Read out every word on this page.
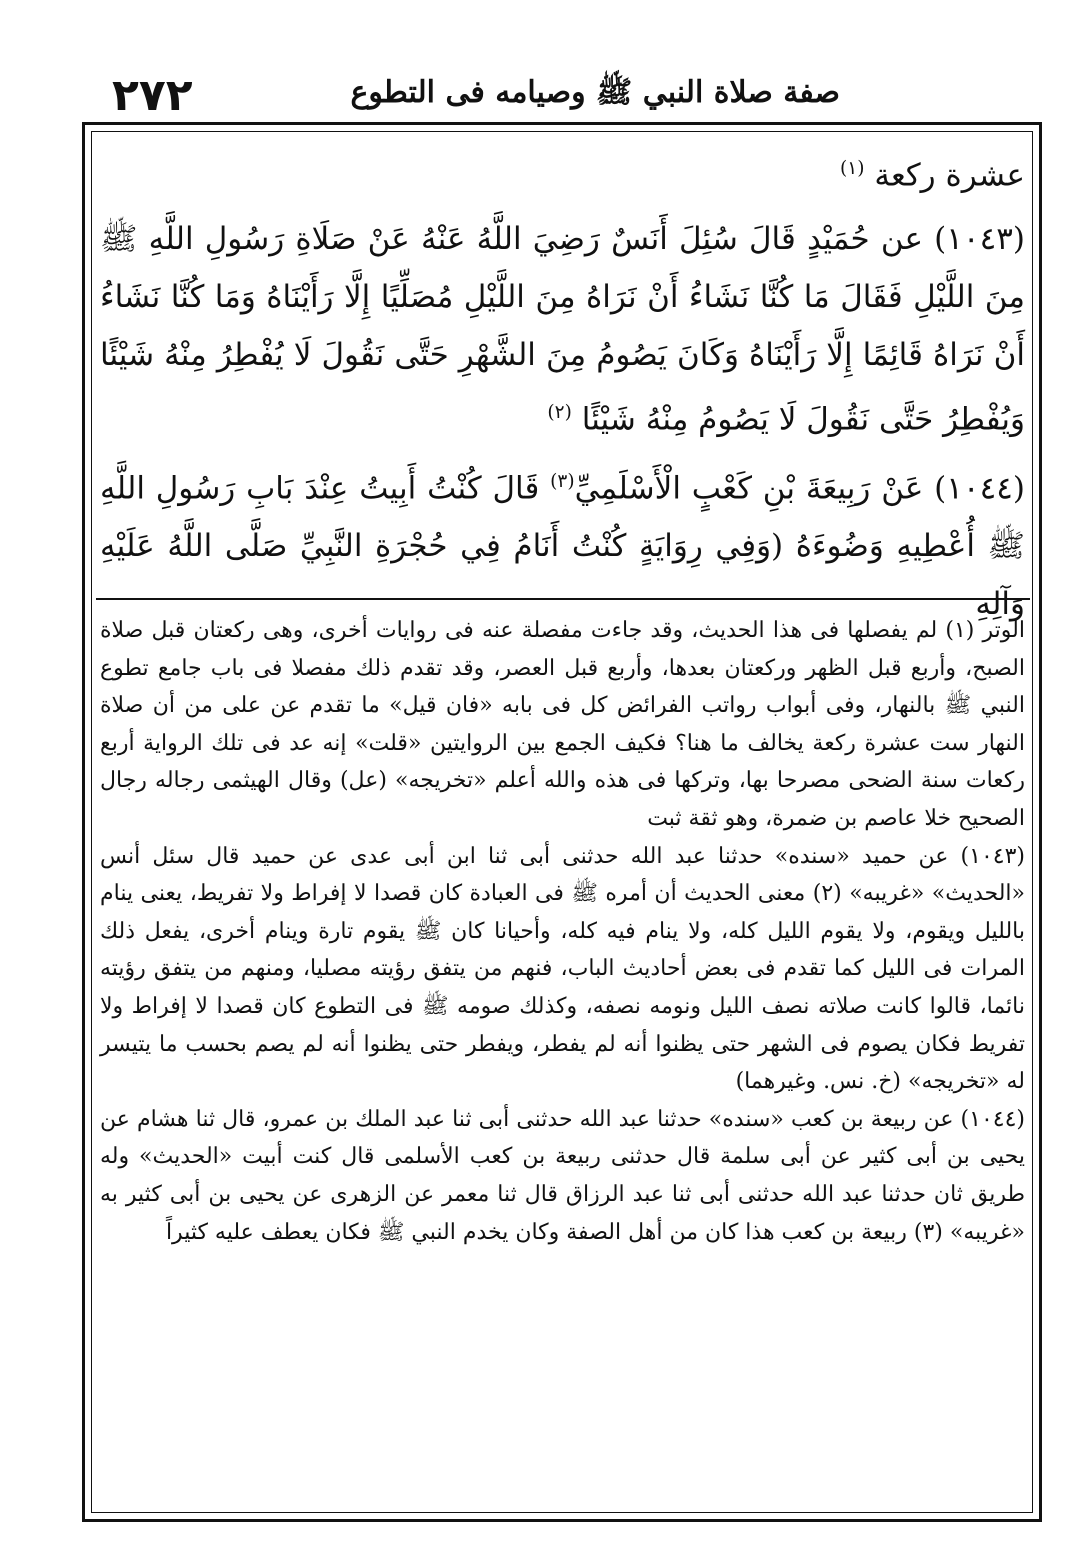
٢٧٢	صفة صلاة النبي ﷺ وصيامه فى التطوع

عشرة ركعة $^{(١)}$

(١٠٤٣) عن حُمَيْدٍ قَالَ سُئِلَ أَنَسٌ رَضِيَ اللَّهُ عَنْهُ عَنْ صَلَاةِ رَسُولِ اللَّهِ ﷺ مِنَ اللَّيْلِ فَقَالَ مَا كُنَّا نَشَاءُ أَنْ نَرَاهُ مِنَ اللَّيْلِ مُصَلِّيًا إِلَّا رَأَيْنَاهُ وَمَا كُنَّا نَشَاءُ أَنْ نَرَاهُ قَائِمًا إِلَّا رَأَيْنَاهُ وَكَانَ يَصُومُ مِنَ الشَّهْرِ حَتَّى نَقُولَ لَا يُفْطِرُ مِنْهُ شَيْئًا وَيُفْطِرُ حَتَّى نَقُولَ لَا يَصُومُ مِنْهُ شَيْئًا $^{(٢)}$

(١٠٤٤) عَنْ رَبِيعَةَ بْنِ كَعْبٍ الْأَسْلَمِيِّ$^{(٣)}$ قَالَ كُنْتُ أَبِيتُ عِنْدَ بَابِ رَسُولِ اللَّهِ ﷺ أُعْطِيهِ وَضُوءَهُ (وَفِي رِوَايَةٍ كُنْتُ أَنَامُ فِي حُجْرَةِ النَّبِيِّ صَلَّى اللَّهُ عَلَيْهِ وَآلِهِ

الوتر (١) لم يفصلها فى هذا الحديث، وقد جاءت مفصلة عنه فى روايات أخرى، وهى ركعتان قبل صلاة الصبح، وأربع قبل الظهر وركعتان بعدها، وأربع قبل العصر، وقد تقدم ذلك مفصلا فى باب جامع تطوع النبي ﷺ بالنهار، وفى أبواب رواتب الفرائض كل فى بابه «فان قيل» ما تقدم عن على من أن صلاة النهار ست عشرة ركعة يخالف ما هنا؟ فكيف الجمع بين الروايتين «قلت» إنه عد فى تلك الرواية أربع ركعات سنة الضحى مصرحا بها، وتركها فى هذه والله أعلم «تخريجه» (عل) وقال الهيثمى رجاله رجال الصحيح خلا عاصم بن ضمرة، وهو ثقة ثبت

(١٠٤٣) عن حميد «سنده» حدثنا عبد الله حدثنى أبى ثنا ابن أبى عدى عن حميد قال سئل أنس «الحديث» «غريبه» (٢) معنى الحديث أن أمره ﷺ فى العبادة كان قصدا لا إفراط ولا تفريط، يعنى ينام بالليل ويقوم، ولا يقوم الليل كله، ولا ينام فيه كله، وأحيانا كان ﷺ يقوم تارة وينام أخرى، يفعل ذلك المرات فى الليل كما تقدم فى بعض أحاديث الباب، فنهم من يتفق رؤيته مصليا، ومنهم من يتفق رؤيته نائما، قالوا كانت صلاته نصف الليل ونومه نصفه، وكذلك صومه ﷺ فى التطوع كان قصدا لا إفراط ولا تفريط فكان يصوم فى الشهر حتى يظنوا أنه لم يفطر، ويفطر حتى يظنوا أنه لم يصم بحسب ما يتيسر له «تخريجه» (خ. نس. وغيرهما)

(١٠٤٤) عن ربيعة بن كعب «سنده» حدثنا عبد الله حدثنى أبى ثنا عبد الملك بن عمرو، قال ثنا هشام عن يحيى بن أبى كثير عن أبى سلمة قال حدثنى ربيعة بن كعب الأسلمى قال كنت أبيت «الحديث» وله طريق ثان حدثنا عبد الله حدثنى أبى ثنا عبد الرزاق قال ثنا معمر عن الزهرى عن يحيى بن أبى كثير به «غريبه» (٣) ربيعة بن كعب هذا كان من أهل الصفة وكان يخدم النبي ﷺ فكان يعطف عليه كثيراً
